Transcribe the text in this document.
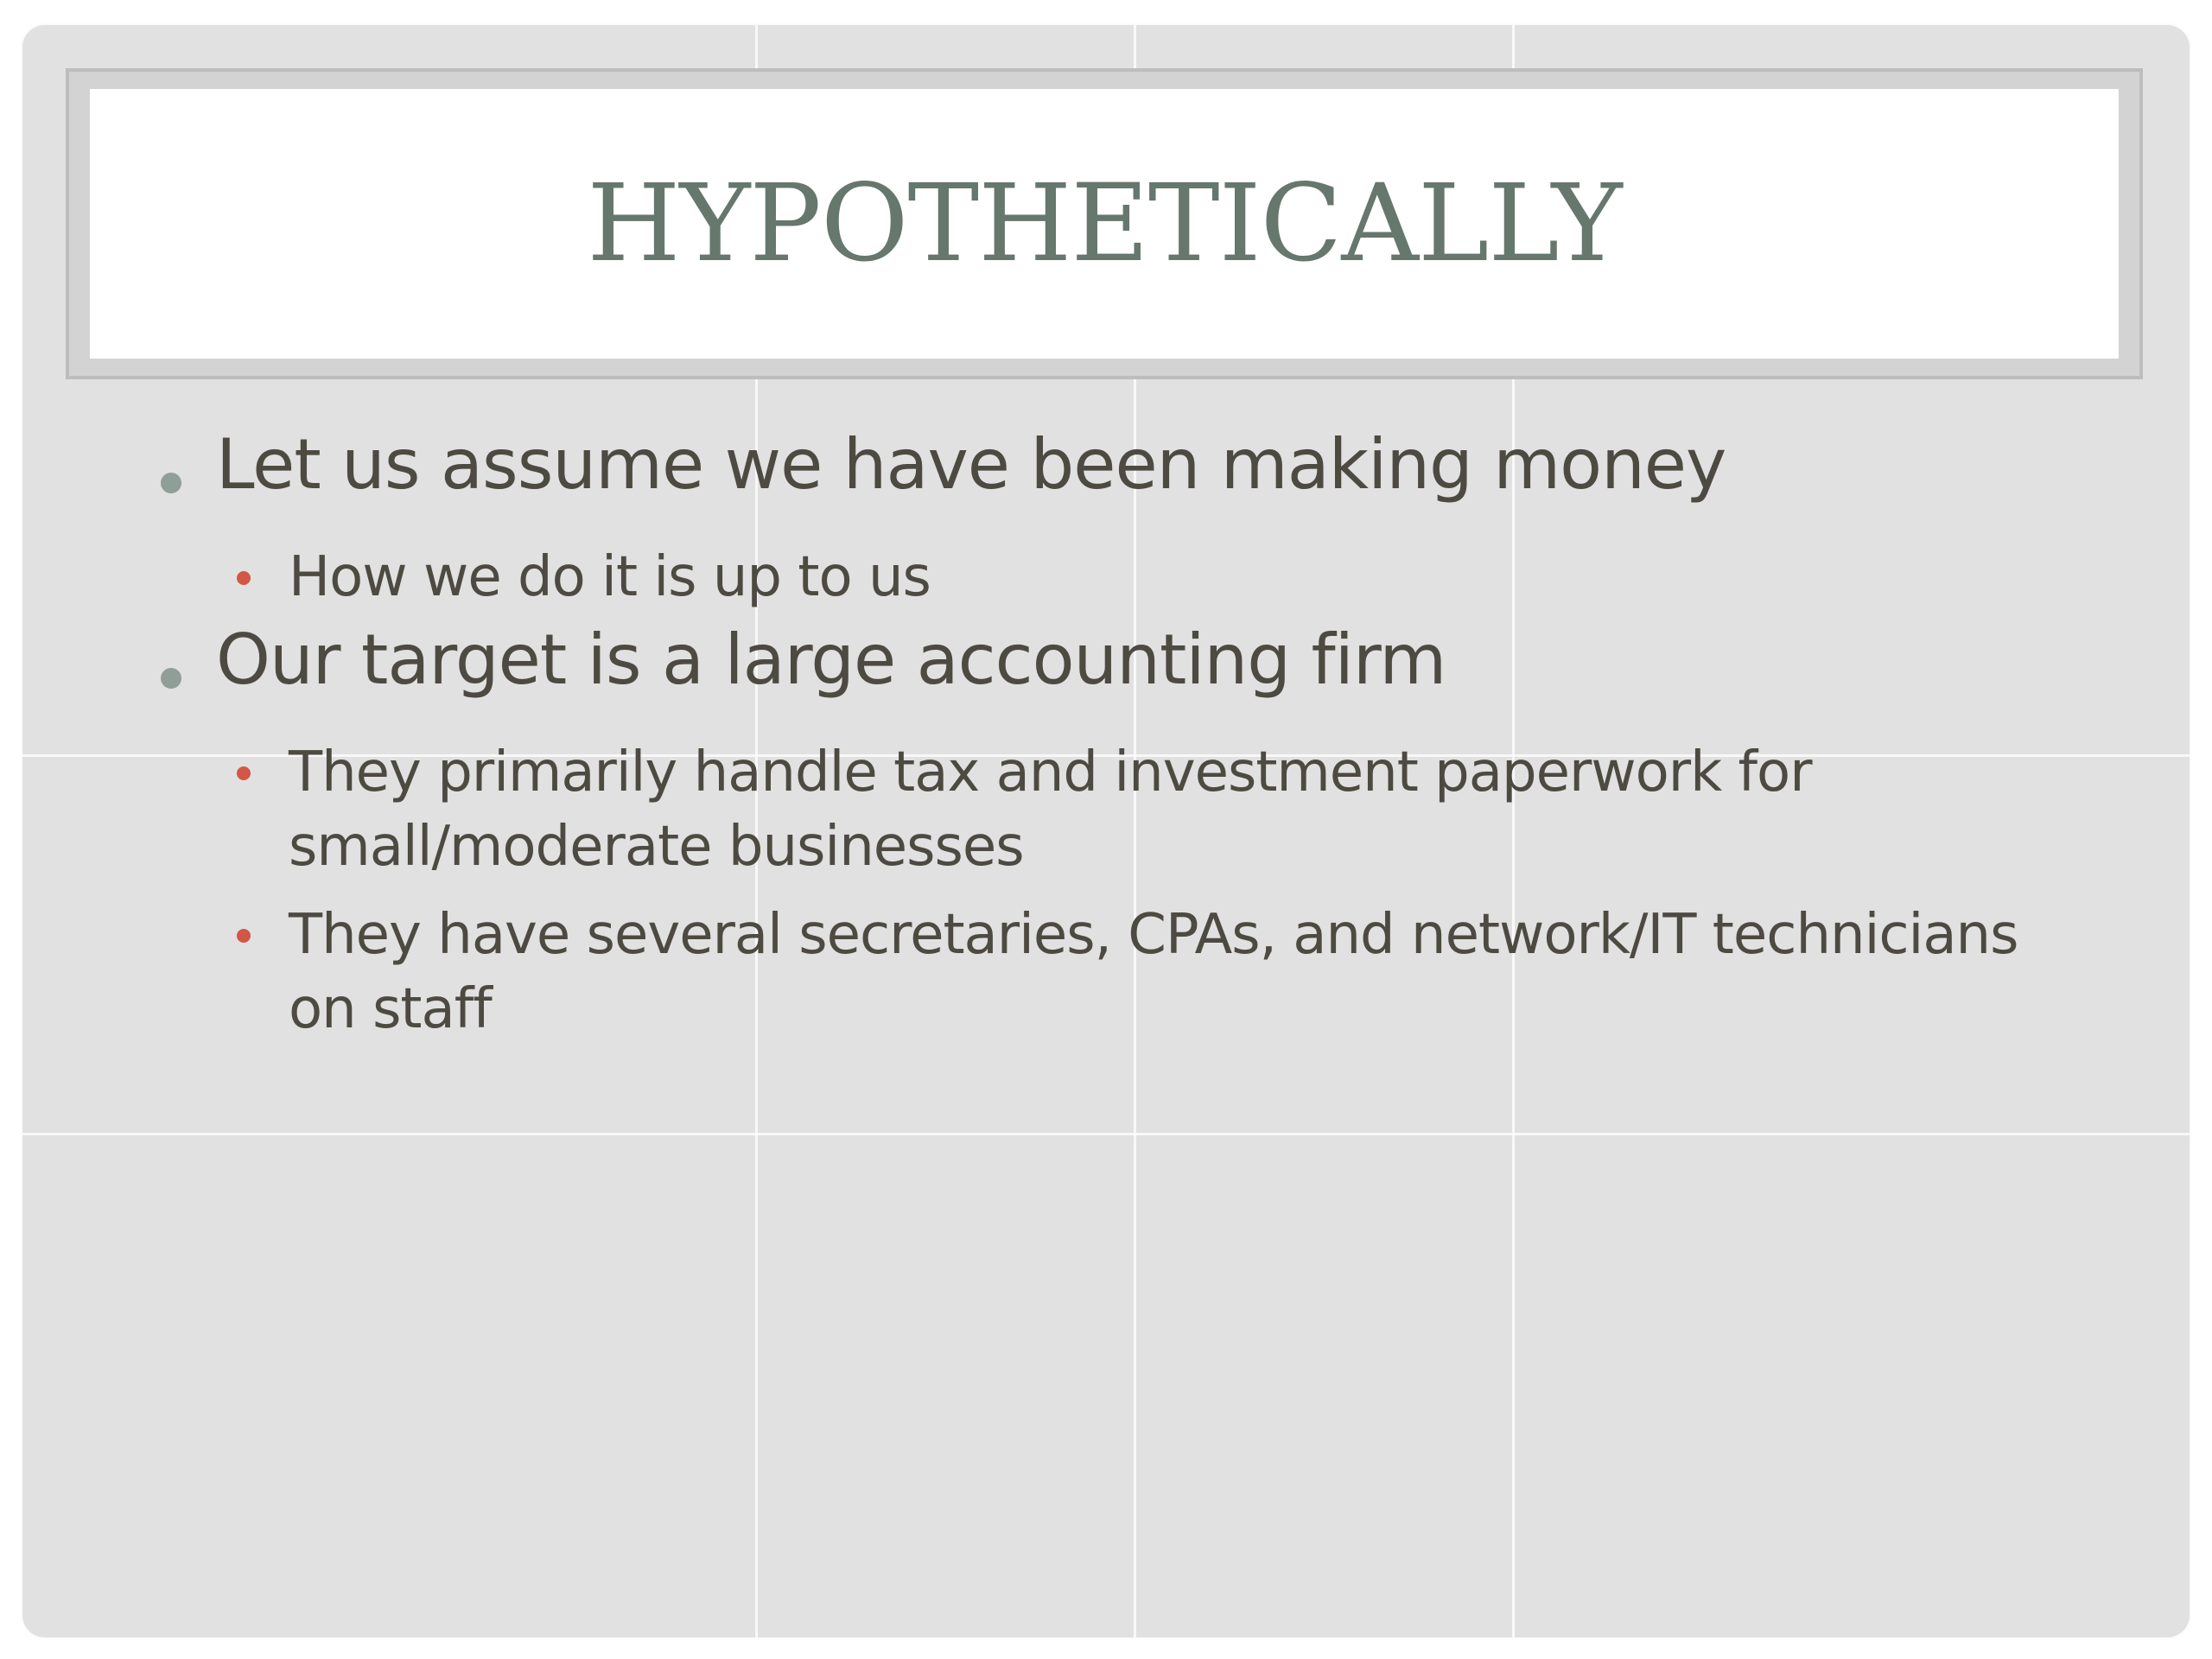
HYPOTHETICALLY
Let us assume we have been making money
How we do it is up to us
Our target is a large accounting firm
They primarily handle tax and investment paperwork for small/moderate businesses
They have several secretaries, CPAs, and network/IT technicians on staff
